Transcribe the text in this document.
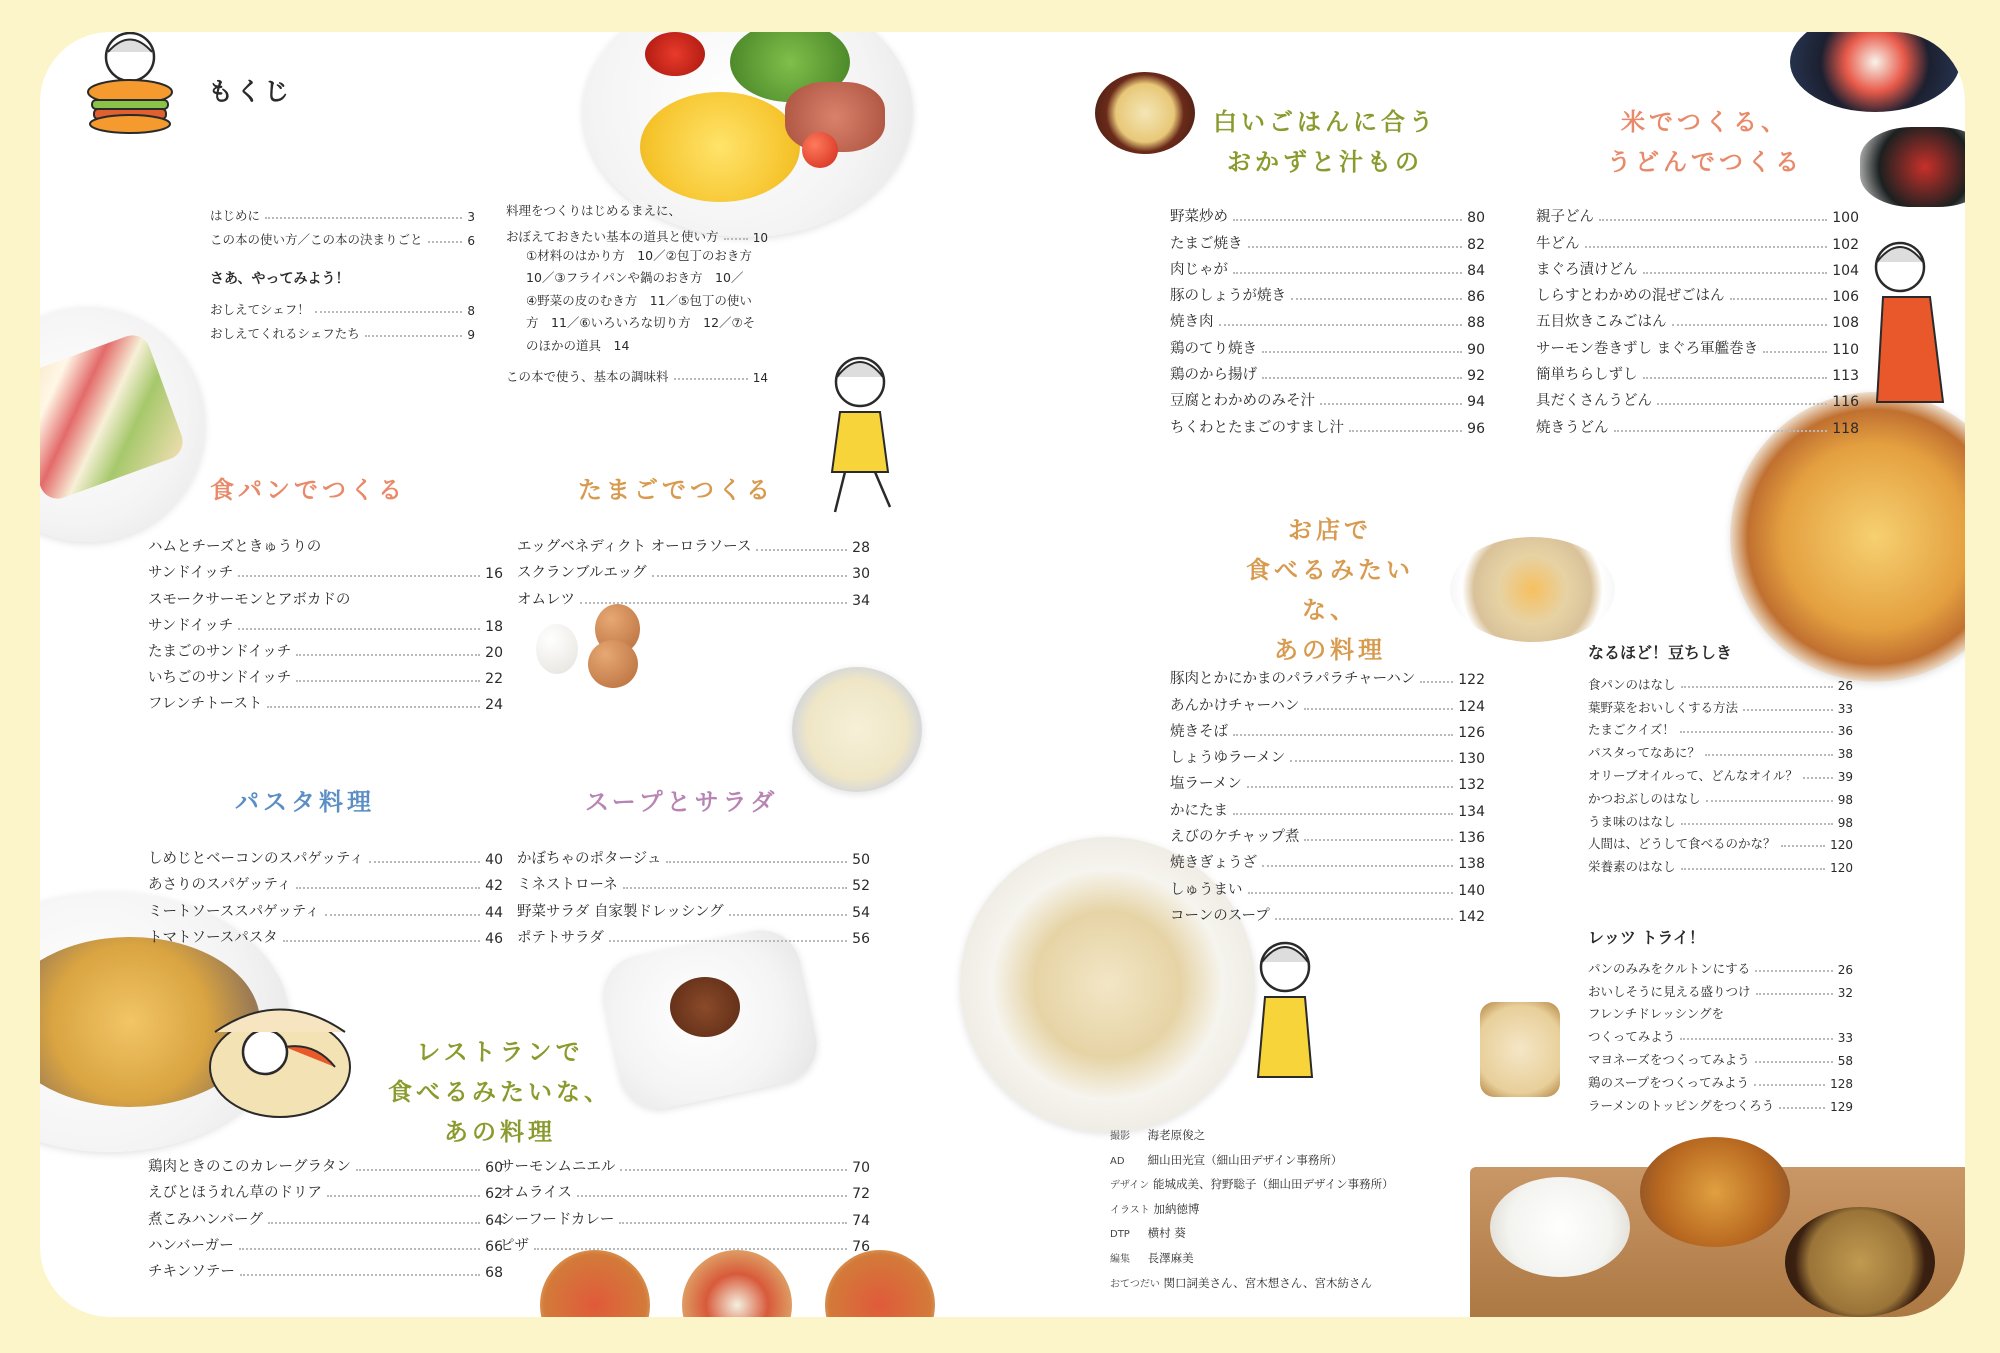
もくじ
はじめに	3
この本の使い方／この本の決まりごと	6
さあ、やってみよう！
おしえてシェフ！	8
おしえてくれるシェフたち	9
料理をつくりはじめるまえに、
おぼえておきたい基本の道具と使い方	10
①材料のはかり方　10／②包丁のおき方
10／③フライパンや鍋のおき方　10／
④野菜の皮のむき方　11／⑤包丁の使い
方　11／⑥いろいろな切り方　12／⑦そ
のほかの道具　14
この本で使う、基本の調味料	14
食パンでつくる
ハムとチーズときゅうりの
サンドイッチ	16
スモークサーモンとアボカドの
サンドイッチ	18
たまごのサンドイッチ	20
いちごのサンドイッチ	22
フレンチトースト	24
たまごでつくる
エッグベネディクト オーロラソース	28
スクランブルエッグ	30
オムレツ	34
パスタ料理
しめじとベーコンのスパゲッティ	40
あさりのスパゲッティ	42
ミートソーススパゲッティ	44
トマトソースパスタ	46
スープとサラダ
かぼちゃのポタージュ	50
ミネストローネ	52
野菜サラダ 自家製ドレッシング	54
ポテトサラダ	56
レストランで
食べるみたいな、
あの料理
鶏肉ときのこのカレーグラタン	60
えびとほうれん草のドリア	62
煮こみハンバーグ	64
ハンバーガー	66
チキンソテー	68
サーモンムニエル	70
オムライス	72
シーフードカレー	74
ピザ	76
白いごはんに合う
おかずと汁もの
野菜炒め	80
たまご焼き	82
肉じゃが	84
豚のしょうが焼き	86
焼き肉	88
鶏のてり焼き	90
鶏のから揚げ	92
豆腐とわかめのみそ汁	94
ちくわとたまごのすまし汁	96
米でつくる、
うどんでつくる
親子どん	100
牛どん	102
まぐろ漬けどん	104
しらすとわかめの混ぜごはん	106
五目炊きこみごはん	108
サーモン巻きずし まぐろ軍艦巻き	110
簡単ちらしずし	113
具だくさんうどん	116
焼きうどん	118
お店で
食べるみたいな、
あの料理
豚肉とかにかまのパラパラチャーハン	122
あんかけチャーハン	124
焼きそば	126
しょうゆラーメン	130
塩ラーメン	132
かにたま	134
えびのケチャップ煮	136
焼きぎょうざ	138
しゅうまい	140
コーンのスープ	142
なるほど！豆ちしき
食パンのはなし	26
葉野菜をおいしくする方法	33
たまごクイズ！	36
パスタってなあに？	38
オリーブオイルって、どんなオイル？	39
かつおぶしのはなし	98
うま味のはなし	98
人間は、どうして食べるのかな？	120
栄養素のはなし	120
レッツ トライ！
パンのみみをクルトンにする	26
おいしそうに見える盛りつけ	32
フレンチドレッシングを
つくってみよう	33
マヨネーズをつくってみよう	58
鶏のスープをつくってみよう	128
ラーメンのトッピングをつくろう	129
撮影 海老原俊之
AD 細山田光宣（細山田デザイン事務所）
デザイン 能城成美、狩野聡子（細山田デザイン事務所）
イラスト 加納徳博
DTP 横村 葵
編集 長澤麻美
おてつだい 関口詞美さん、宮木想さん、宮木紡さん
